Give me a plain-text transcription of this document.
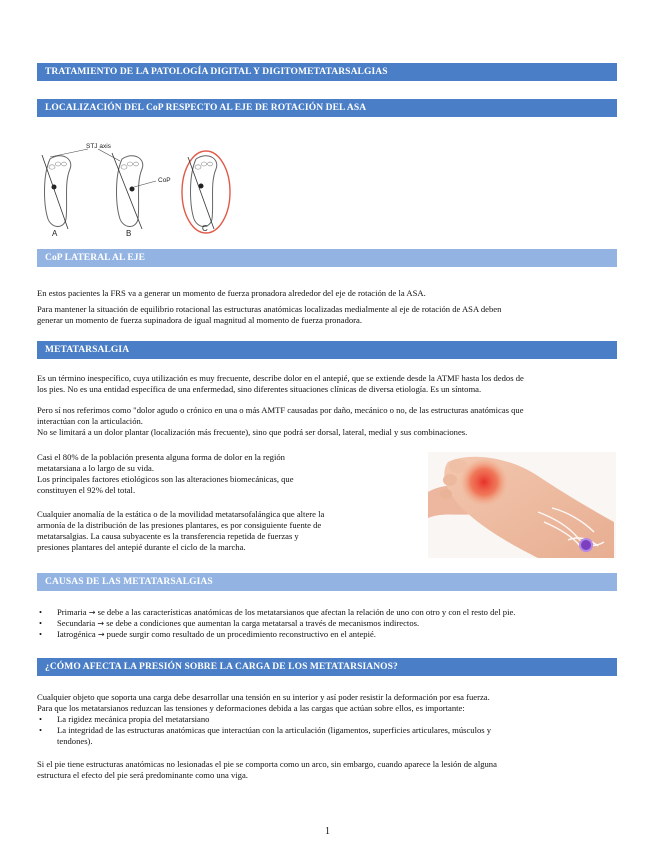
TRATAMIENTO DE LA PATOLOGÍA DIGITAL Y DIGITOMETATARSALGIAS
LOCALIZACIÓN DEL CoP RESPECTO AL EJE DE ROTACIÓN DEL ASA
STJ axis
CoP
A	B
C
CoP LATERAL AL EJE

En estos pacientes la FRS va a generar un momento de fuerza pronadora alrededor del eje de rotación de la ASA.

Para mantener la situación de equilibrio rotacional las estructuras anatómicas localizadas medialmente al eje de rotación de ASA deben
generar un momento de fuerza supinadora de igual magnitud al momento de fuerza pronadora.

METATARSALGIA

Es un término inespecífico, cuya utilización es muy frecuente, describe dolor en el antepié, que se extiende desde la ATMF hasta los dedos de
los pies. No es una entidad específica de una enfermedad, sino diferentes situaciones clínicas de diversa etiología. Es un síntoma.

Pero sí nos referimos como "dolor agudo o crónico en una o más AMTF causadas por daño, mecánico o no, de las estructuras anatómicas que
interactúan con la articulación.
No se limitará a un dolor plantar (localización más frecuente), sino que podrá ser dorsal, lateral, medial y sus combinaciones.

Casi el 80% de la población presenta alguna forma de dolor en la región
metatarsiana a lo largo de su vida.
Los principales factores etiológicos son las alteraciones biomecánicas, que
constituyen el 92% del total.

Cualquier anomalía de la estática o de la movilidad metatarsofalángica que altere la
armonía de la distribución de las presiones plantares, es por consiguiente fuente de
metatarsalgias. La causa subyacente es la transferencia repetida de fuerzas y
presiones plantares del antepié durante el ciclo de la marcha.

CAUSAS DE LAS METATARSALGIAS
• Primaria → se debe a las características anatómicas de los metatarsianos que afectan la relación de uno con otro y con el resto del pie.
• Secundaria → se debe a condiciones que aumentan la carga metatarsal a través de mecanismos indirectos.
• Iatrogénica → puede surgir como resultado de un procedimiento reconstructivo en el antepié.
¿CÓMO AFECTA LA PRESIÓN SOBRE LA CARGA DE LOS METATARSIANOS?

Cualquier objeto que soporta una carga debe desarrollar una tensión en su interior y así poder resistir la deformación por esa fuerza.
Para que los metatarsianos reduzcan las tensiones y deformaciones debida a las cargas que actúan sobre ellos, es importante:

• La rigidez mecánica propia del metatarsiano
• La integridad de las estructuras anatómicas que interactúan con la articulación (ligamentos, superficies articulares, músculos y
tendones).

Si el pie tiene estructuras anatómicas no lesionadas el pie se comporta como un arco, sin embargo, cuando aparece la lesión de alguna
estructura el efecto del pie será predominante como una viga.

1
